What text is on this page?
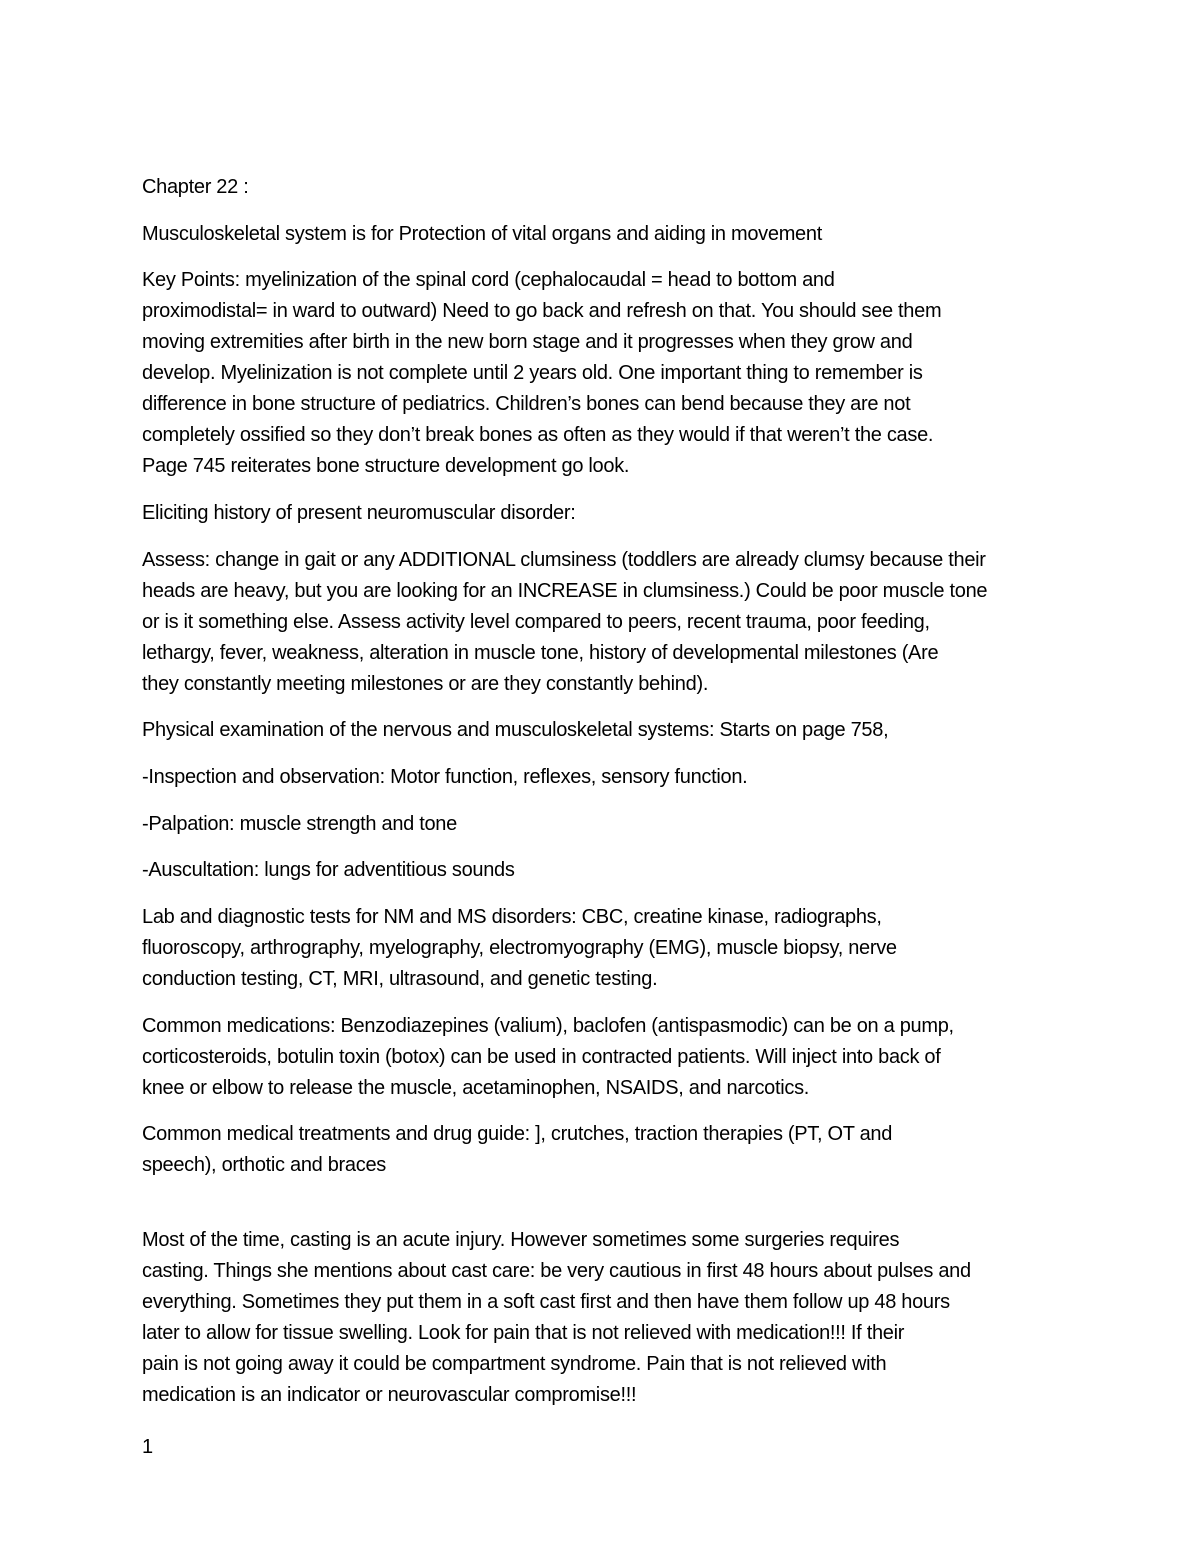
Chapter 22 :

Musculoskeletal system is for Protection of vital organs and aiding in movement

Key Points: myelinization of the spinal cord (cephalocaudal = head to bottom and
proximodistal= in ward to outward) Need to go back and refresh on that. You should see them
moving extremities after birth in the new born stage and it progresses when they grow and
develop. Myelinization is not complete until 2 years old. One important thing to remember is
difference in bone structure of pediatrics. Children’s bones can bend because they are not
completely ossified so they don’t break bones as often as they would if that weren’t the case.
Page 745 reiterates bone structure development go look.

Eliciting history of present neuromuscular disorder:

Assess: change in gait or any ADDITIONAL clumsiness (toddlers are already clumsy because their
heads are heavy, but you are looking for an INCREASE in clumsiness.) Could be poor muscle tone
or is it something else. Assess activity level compared to peers, recent trauma, poor feeding,
lethargy, fever, weakness, alteration in muscle tone, history of developmental milestones (Are
they constantly meeting milestones or are they constantly behind).

Physical examination of the nervous and musculoskeletal systems: Starts on page 758,

-Inspection and observation: Motor function, reflexes, sensory function.

-Palpation: muscle strength and tone

-Auscultation: lungs for adventitious sounds

Lab and diagnostic tests for NM and MS disorders: CBC, creatine kinase, radiographs,
fluoroscopy, arthrography, myelography, electromyography (EMG), muscle biopsy, nerve
conduction testing, CT, MRI, ultrasound, and genetic testing.

Common medications: Benzodiazepines (valium), baclofen (antispasmodic) can be on a pump,
corticosteroids, botulin toxin (botox) can be used in contracted patients. Will inject into back of
knee or elbow to release the muscle, acetaminophen, NSAIDS, and narcotics.

Common medical treatments and drug guide: ], crutches, traction therapies (PT, OT and
speech), orthotic and braces

Most of the time, casting is an acute injury. However sometimes some surgeries requires
casting. Things she mentions about cast care: be very cautious in first 48 hours about pulses and
everything. Sometimes they put them in a soft cast first and then have them follow up 48 hours
later to allow for tissue swelling. Look for pain that is not relieved with medication!!! If their
pain is not going away it could be compartment syndrome. Pain that is not relieved with
medication is an indicator or neurovascular compromise!!!

1
